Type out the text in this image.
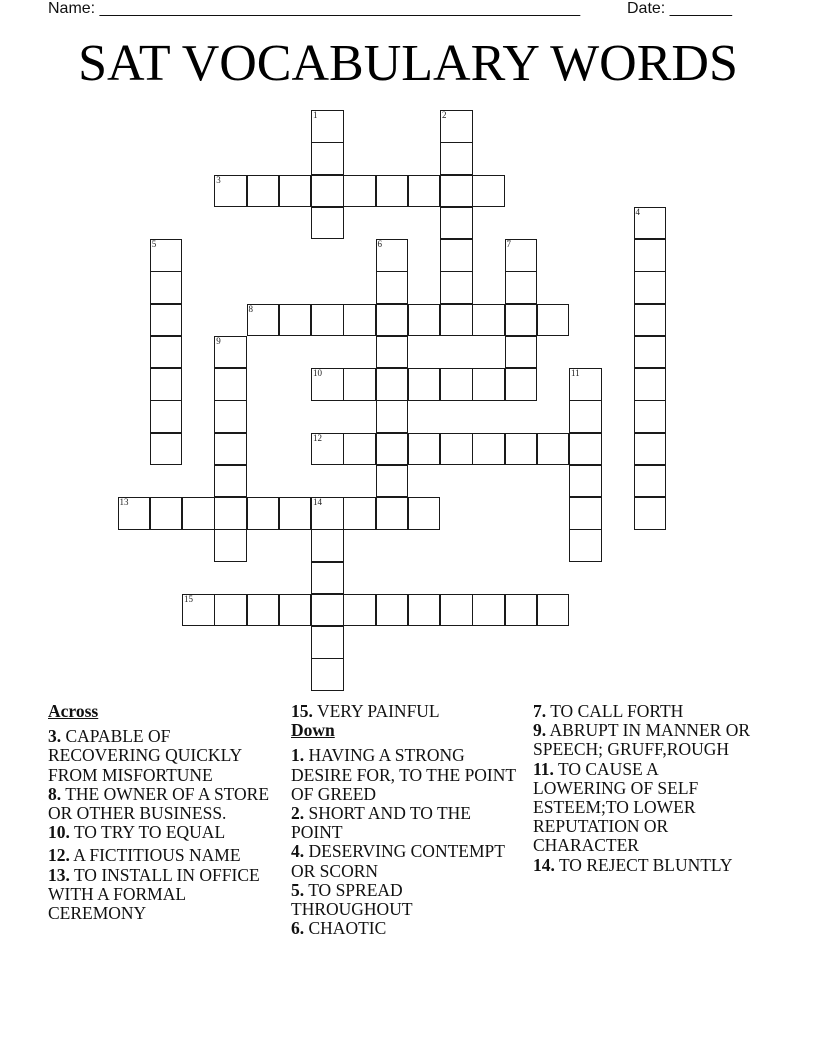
Name: ______________________________________________________	Date: _______
SAT VOCABULARY WORDS
1	2
3
4
5	6	7
8
9
10	11
12
13	14
15
Across
3. CAPABLE OF RECOVERING QUICKLY FROM MISFORTUNE
8. THE OWNER OF A STORE OR OTHER BUSINESS.
10. TO TRY TO EQUAL
12. A FICTITIOUS NAME
13. TO INSTALL IN OFFICE WITH A FORMAL CEREMONY
15. VERY PAINFUL
Down
1. HAVING A STRONG DESIRE FOR, TO THE POINT OF GREED
2. SHORT AND TO THE POINT
4. DESERVING CONTEMPT OR SCORN
5. TO SPREAD THROUGHOUT
6. CHAOTIC
7. TO CALL FORTH
9. ABRUPT IN MANNER OR SPEECH; GRUFF,ROUGH
11. TO CAUSE A LOWERING OF SELF ESTEEM;TO LOWER REPUTATION OR CHARACTER
14. TO REJECT BLUNTLY
